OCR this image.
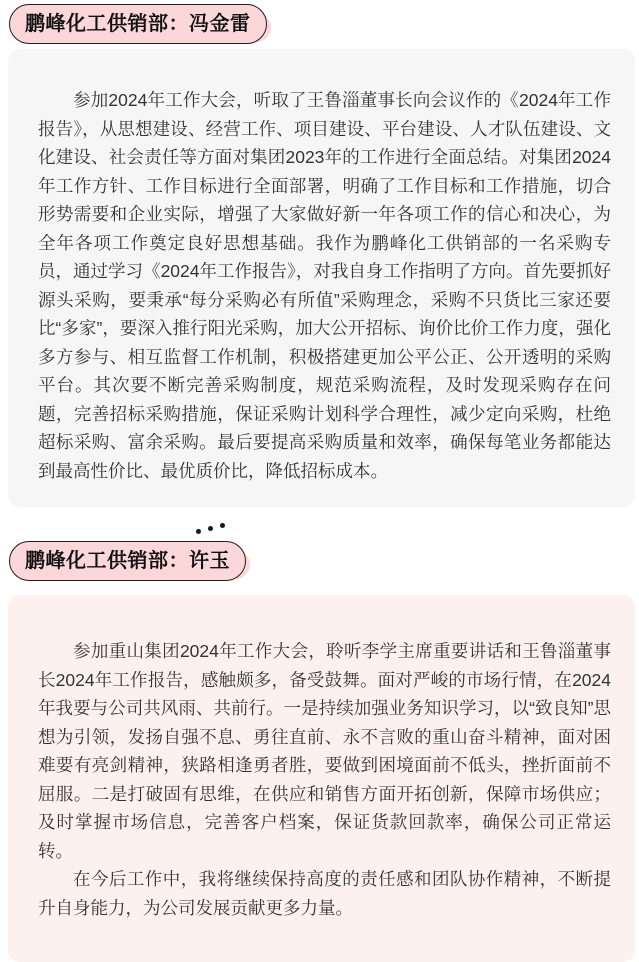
鹏峰化工供销部：冯金雷

参加2024年工作大会，听取了王鲁淄董事长向会议作的《2024年工作报告》，从思想建设、经营工作、项目建设、平台建设、人才队伍建设、文化建设、社会责任等方面对集团2023年的工作进行全面总结。对集团2024年工作方针、工作目标进行全面部署，明确了工作目标和工作措施，切合形势需要和企业实际，增强了大家做好新一年各项工作的信心和决心，为全年各项工作奠定良好思想基础。我作为鹏峰化工供销部的一名采购专员，通过学习《2024年工作报告》，对我自身工作指明了方向。首先要抓好源头采购，要秉承“每分采购必有所值”采购理念，采购不只货比三家还要比“多家”，要深入推行阳光采购，加大公开招标、询价比价工作力度，强化多方参与、相互监督工作机制，积极搭建更加公平公正、公开透明的采购平台。其次要不断完善采购制度，规范采购流程，及时发现采购存在问题，完善招标采购措施，保证采购计划科学合理性，减少定向采购，杜绝超标采购、富余采购。最后要提高采购质量和效率，确保每笔业务都能达到最高性价比、最优质价比，降低招标成本。

鹏峰化工供销部：许玉

参加重山集团2024年工作大会，聆听李学主席重要讲话和王鲁淄董事长2024年工作报告，感触颇多，备受鼓舞。面对严峻的市场行情，在2024年我要与公司共风雨、共前行。一是持续加强业务知识学习，以“致良知”思想为引领，发扬自强不息、勇往直前、永不言败的重山奋斗精神，面对困难要有亮剑精神，狭路相逢勇者胜，要做到困境面前不低头，挫折面前不屈服。二是打破固有思维，在供应和销售方面开拓创新，保障市场供应；及时掌握市场信息，完善客户档案，保证货款回款率，确保公司正常运转。

在今后工作中，我将继续保持高度的责任感和团队协作精神，不断提升自身能力，为公司发展贡献更多力量。
